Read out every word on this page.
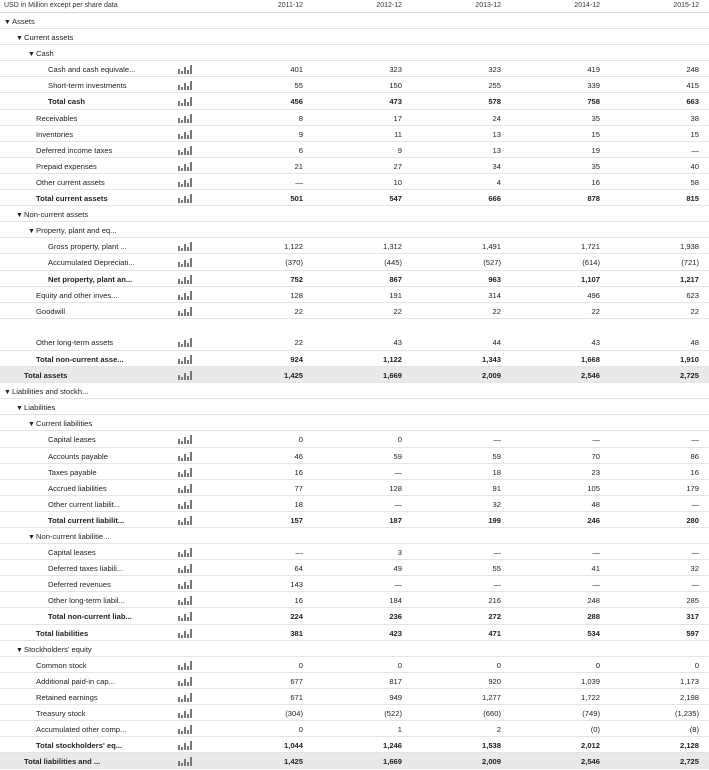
USD in Million except per share data	2011-12	2012-12	2013-12	2014-12	2015-12
▼Assets
▼Current assets
▼Cash
Cash and cash equivale...	401	323	323	419	248
Short-term investments	55	150	255	339	415
Total cash	456	473	578	758	663
Receivables	8	17	24	35	38
Inventories	9	11	13	15	15
Deferred income taxes	6	9	13	19	—
Prepaid expenses	21	27	34	35	40
Other current assets	—	10	4	16	58
Total current assets	501	547	666	878	815
▼Non-current assets
▼Property, plant and eq...
Gross property, plant ...	1,122	1,312	1,491	1,721	1,938
Accumulated Depreciati...	(370)	(445)	(527)	(614)	(721)
Net property, plant an...	752	867	963	1,107	1,217
Equity and other inves...	128	191	314	496	623
Goodwill	22	22	22	22	22
Other long-term assets	22	43	44	43	48
Total non-current asse...	924	1,122	1,343	1,668	1,910
Total assets	1,425	1,669	2,009	2,546	2,725
▼Liabilities and stockh...
▼Liabilities
▼Current liabilities
Capital leases	0	0	—	—	—
Accounts payable	46	59	59	70	86
Taxes payable	16	—	18	23	16
Accrued liabilities	77	128	91	105	179
Other current liabilit...	18	—	32	48	—
Total current liabilit...	157	187	199	246	280
▼Non-current liabilitie...
Capital leases	—	3	—	—	—
Deferred taxes liabili...	64	49	55	41	32
Deferred revenues	143	—	—	—	—
Other long-term liabil...	16	184	216	248	285
Total non-current liab...	224	236	272	288	317
Total liabilities	381	423	471	534	597
▼Stockholders' equity
Common stock	0	0	0	0	0
Additional paid-in cap...	677	817	920	1,039	1,173
Retained earnings	671	949	1,277	1,722	2,198
Treasury stock	(304)	(522)	(660)	(749)	(1,235)
Accumulated other comp...	0	1	2	(0)	(8)
Total stockholders' eq...	1,044	1,246	1,538	2,012	2,128
Total liabilities and ...	1,425	1,669	2,009	2,546	2,725
